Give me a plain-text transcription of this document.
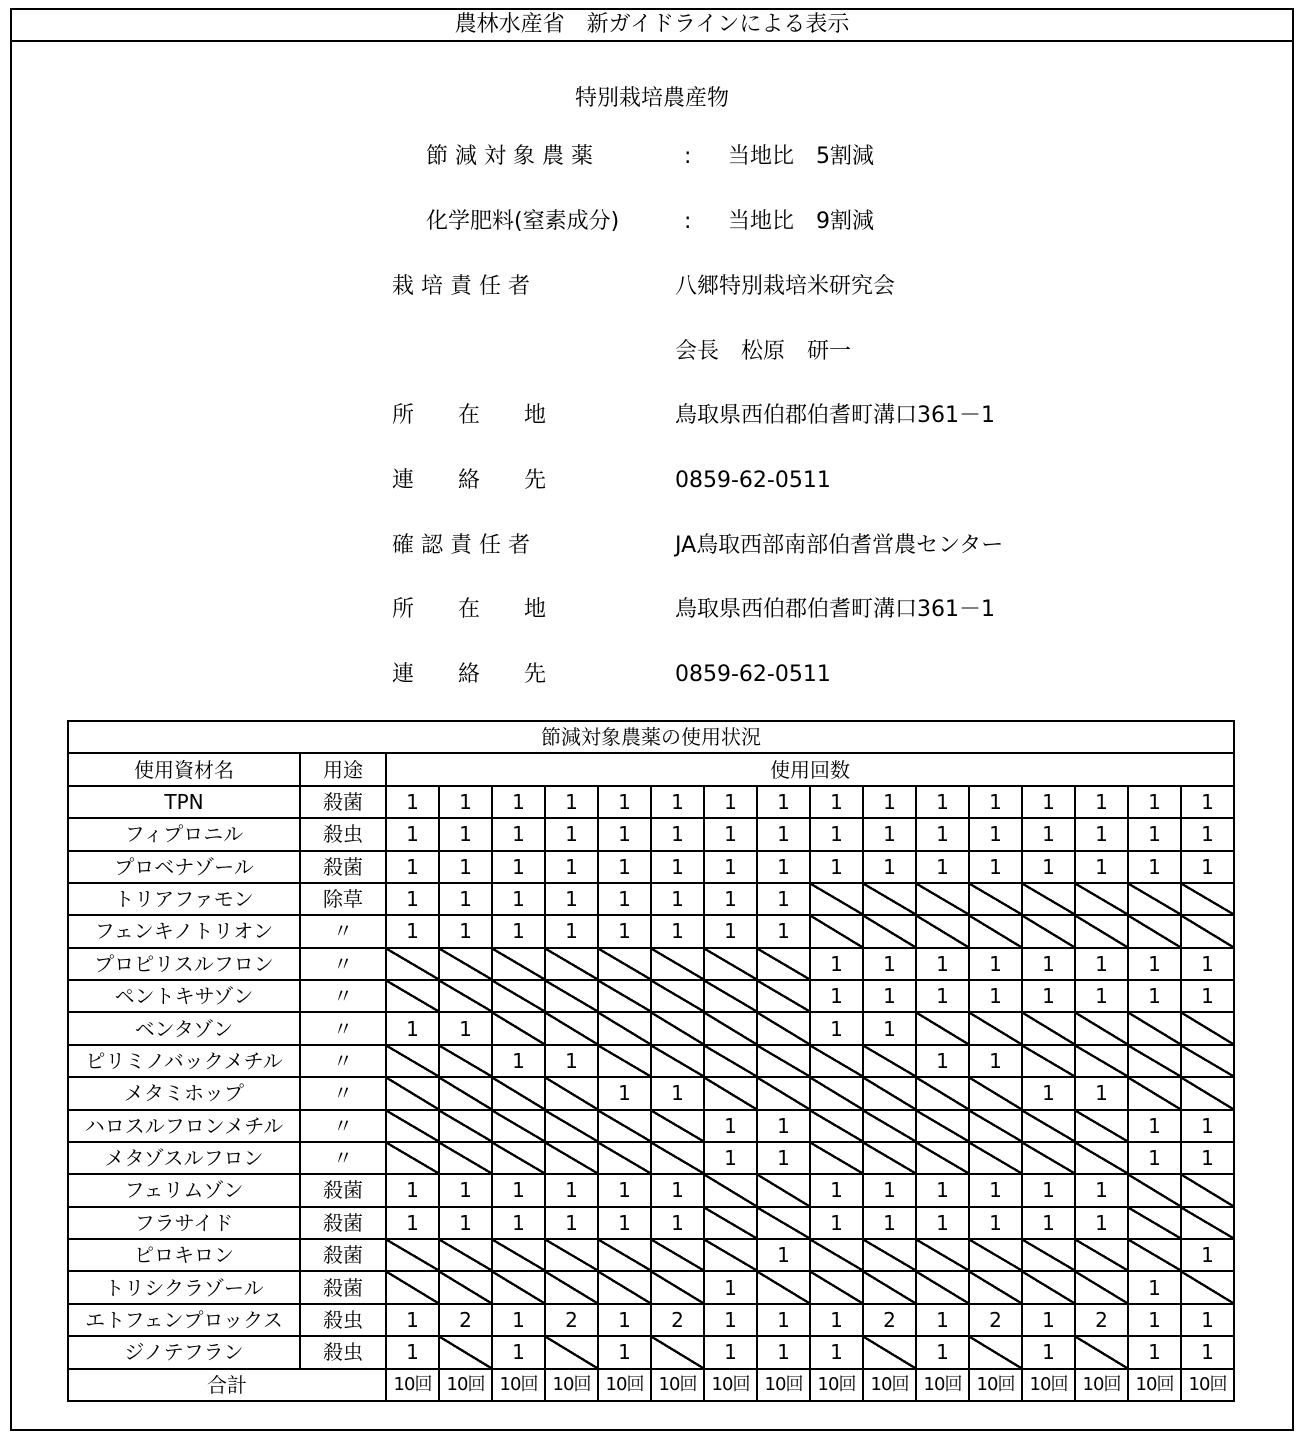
農林水産省　新ガイドラインによる表示
特別栽培農産物
節 減 対 象 農 薬	: 当地比　5割減
化学肥料(窒素成分)	: 当地比　9割減
栽 培 責 任 者	八郷特別栽培米研究会
会長　松原　研一
所　　在　　地	鳥取県西伯郡伯耆町溝口361－1
連　　絡　　先	0859-62-0511
確 認 責 任 者	JA鳥取西部南部伯耆営農センター
所　　在　　地	鳥取県西伯郡伯耆町溝口361－1
連　　絡　　先	0859-62-0511
節減対象農薬の使用状況																	
使用資材名	用途	使用回数															
TPN	殺菌	1	1	1	1	1	1	1	1	1	1	1	1	1	1	1	1
フィプロニル	殺虫	1	1	1	1	1	1	1	1	1	1	1	1	1	1	1	1
プロベナゾール	殺菌	1	1	1	1	1	1	1	1	1	1	1	1	1	1	1	1
トリアファモン	除草	1	1	1	1	1	1	1	1								
フェンキノトリオン	〃	1	1	1	1	1	1	1	1								
プロピリスルフロン	〃									1	1	1	1	1	1	1	1
ペントキサゾン	〃									1	1	1	1	1	1	1	1
ベンタゾン	〃	1	1							1	1						
ピリミノバックメチル	〃			1	1							1	1				
メタミホップ	〃					1	1							1	1		
ハロスルフロンメチル	〃							1	1							1	1
メタゾスルフロン	〃							1	1							1	1
フェリムゾン	殺菌	1	1	1	1	1	1			1	1	1	1	1	1		
フラサイド	殺菌	1	1	1	1	1	1			1	1	1	1	1	1		
ピロキロン	殺菌								1								1
トリシクラゾール	殺菌							1								1	
エトフェンプロックス	殺虫	1	2	1	2	1	2	1	1	1	2	1	2	1	2	1	1
ジノテフラン	殺虫	1		1		1		1	1	1		1		1		1	1
合計		10回	10回	10回	10回	10回	10回	10回	10回	10回	10回	10回	10回	10回	10回	10回	10回
